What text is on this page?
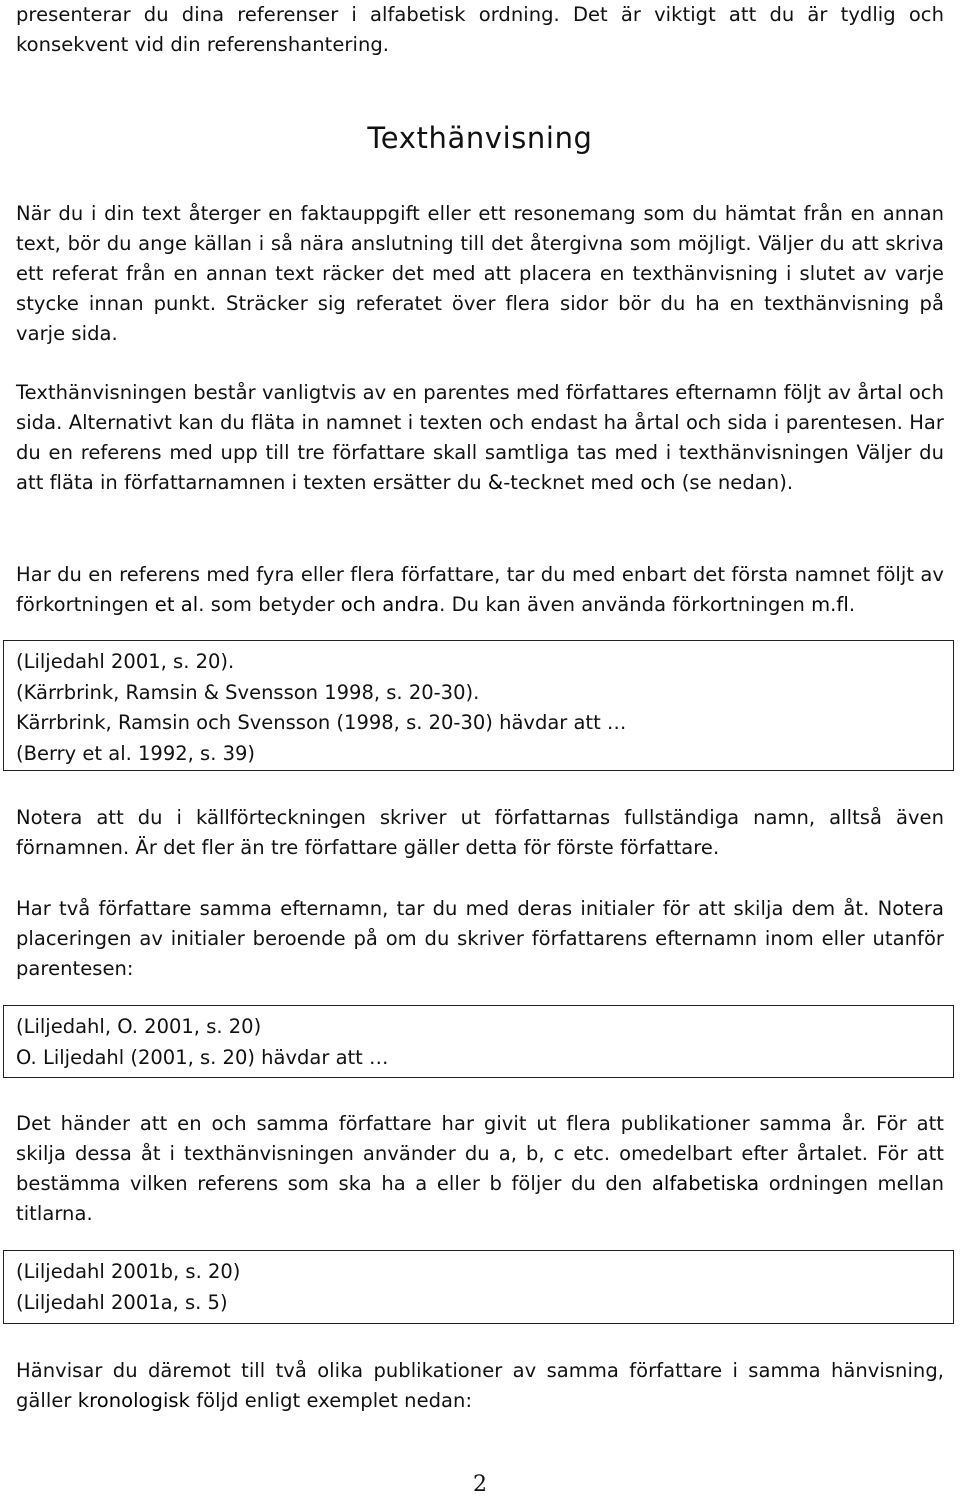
presenterar du dina referenser i alfabetisk ordning. Det är viktigt att du är tydlig och konsekvent vid din referenshantering.

Texthänvisning

När du i din text återger en faktauppgift eller ett resonemang som du hämtat från en annan text, bör du ange källan i så nära anslutning till det återgivna som möjligt. Väljer du att skriva ett referat från en annan text räcker det med att placera en texthänvisning i slutet av varje stycke innan punkt. Sträcker sig referatet över flera sidor bör du ha en texthänvisning på varje sida.

Texthänvisningen består vanligtvis av en parentes med författares efternamn följt av årtal och sida. Alternativt kan du fläta in namnet i texten och endast ha årtal och sida i parentesen. Har du en referens med upp till tre författare skall samtliga tas med i texthänvisningen Väljer du att fläta in författarnamnen i texten ersätter du &-tecknet med och (se nedan).

Har du en referens med fyra eller flera författare, tar du med enbart det första namnet följt av förkortningen et al. som betyder och andra. Du kan även använda förkortningen m.fl.

(Liljedahl 2001, s. 20).
(Kärrbrink, Ramsin & Svensson 1998, s. 20-30).
Kärrbrink, Ramsin och Svensson (1998, s. 20-30) hävdar att …
(Berry et al. 1992, s. 39)

Notera att du i källförteckningen skriver ut författarnas fullständiga namn, alltså även förnamnen. Är det fler än tre författare gäller detta för förste författare.

Har två författare samma efternamn, tar du med deras initialer för att skilja dem åt. Notera placeringen av initialer beroende på om du skriver författarens efternamn inom eller utanför parentesen:

(Liljedahl, O. 2001, s. 20)
O. Liljedahl (2001, s. 20) hävdar att …

Det händer att en och samma författare har givit ut flera publikationer samma år. För att skilja dessa åt i texthänvisningen använder du a, b, c etc. omedelbart efter årtalet. För att bestämma vilken referens som ska ha a eller b följer du den alfabetiska ordningen mellan titlarna.

(Liljedahl 2001b, s. 20)
(Liljedahl 2001a, s. 5)

Hänvisar du däremot till två olika publikationer av samma författare i samma hänvisning, gäller kronologisk följd enligt exemplet nedan:

2
